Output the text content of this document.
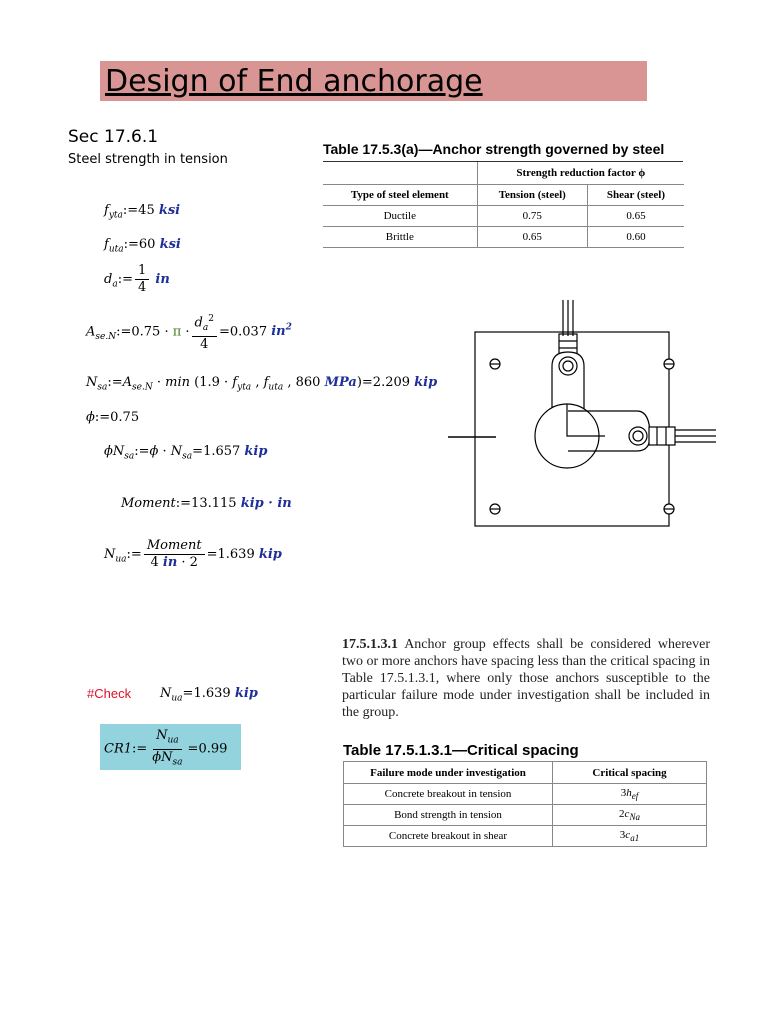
Design of End anchorage
Sec 17.6.1
Steel strength in tension
$f_{yta}:=45$ ksi
$f_{uta}:=60$ ksi
$d_a:= \frac{1}{4}$ in
$A_{se.N}:=0.75 \cdot \pi \cdot \frac{d_a^2}{4} =0.037$ $in^2$
$N_{sa}:=A_{se.N} \cdot \min (1.9 \cdot f_{yta}$ , $f_{uta}$ , 860 MPa)=2.209 kip
ϕ:=0.75
$\phi N_{sa}:=\phi \cdot N_{sa}=1.657$ kip
Moment:=13.115 kip · in
$N_{ua}:= \frac{\text{Moment}}{4 in \cdot 2} =1.639$ kip
#Check $N_{ua}=1.639$ kip
CR1:= $\frac{N_{ua}}{\phi N_{sa}} =0.99$
Table 17.5.3(a)—Anchor strength governed by steel
	Strength reduction factor ϕ	
Type of steel element	Tension (steel)	Shear (steel)
Ductile	0.75	0.65
Brittle	0.65	0.60
17.5.1.3.1 Anchor group effects shall be considered wherever two or more anchors have spacing less than the critical spacing in Table 17.5.1.3.1, where only those anchors susceptible to the particular failure mode under investigation shall be included in the group.
Table 17.5.1.3.1—Critical spacing
Failure mode under investigation	Critical spacing
Concrete breakout in tension	$3h_{ef}$
Bond strength in tension	$2c_{Na}$
Concrete breakout in shear	$3c_{a1}$
